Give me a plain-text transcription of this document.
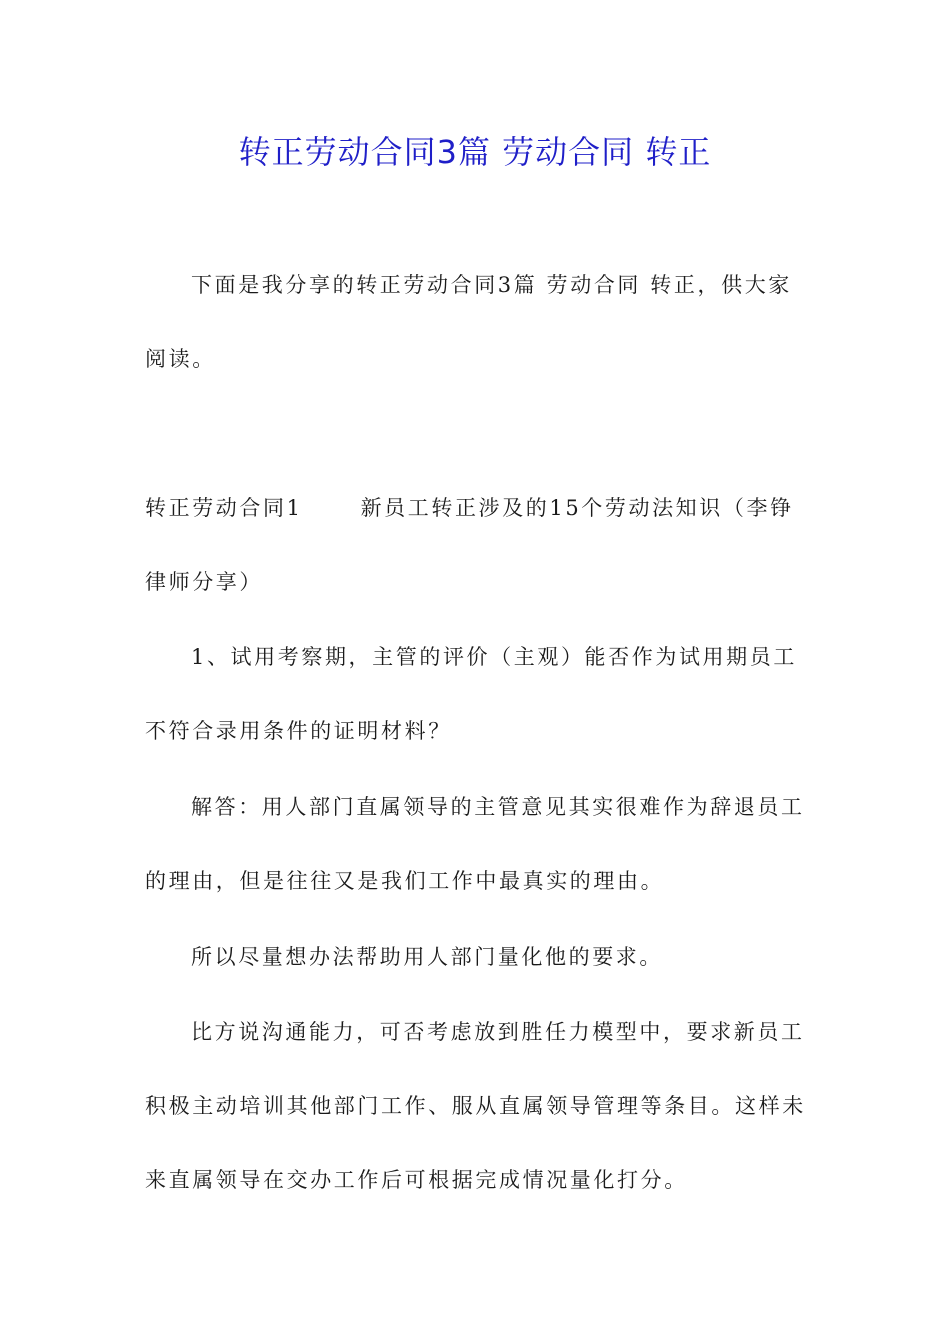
转正劳动合同3篇 劳动合同 转正

下面是我分享的转正劳动合同3篇 劳动合同 转正，供大家阅读。

转正劳动合同1	新员工转正涉及的15个劳动法知识（李铮律师分享）

1、试用考察期，主管的评价（主观）能否作为试用期员工不符合录用条件的证明材料？

解答：用人部门直属领导的主管意见其实很难作为辞退员工的理由，但是往往又是我们工作中最真实的理由。

所以尽量想办法帮助用人部门量化他的要求。

比方说沟通能力，可否考虑放到胜任力模型中，要求新员工积极主动培训其他部门工作、服从直属领导管理等条目。这样未来直属领导在交办工作后可根据完成情况量化打分。
